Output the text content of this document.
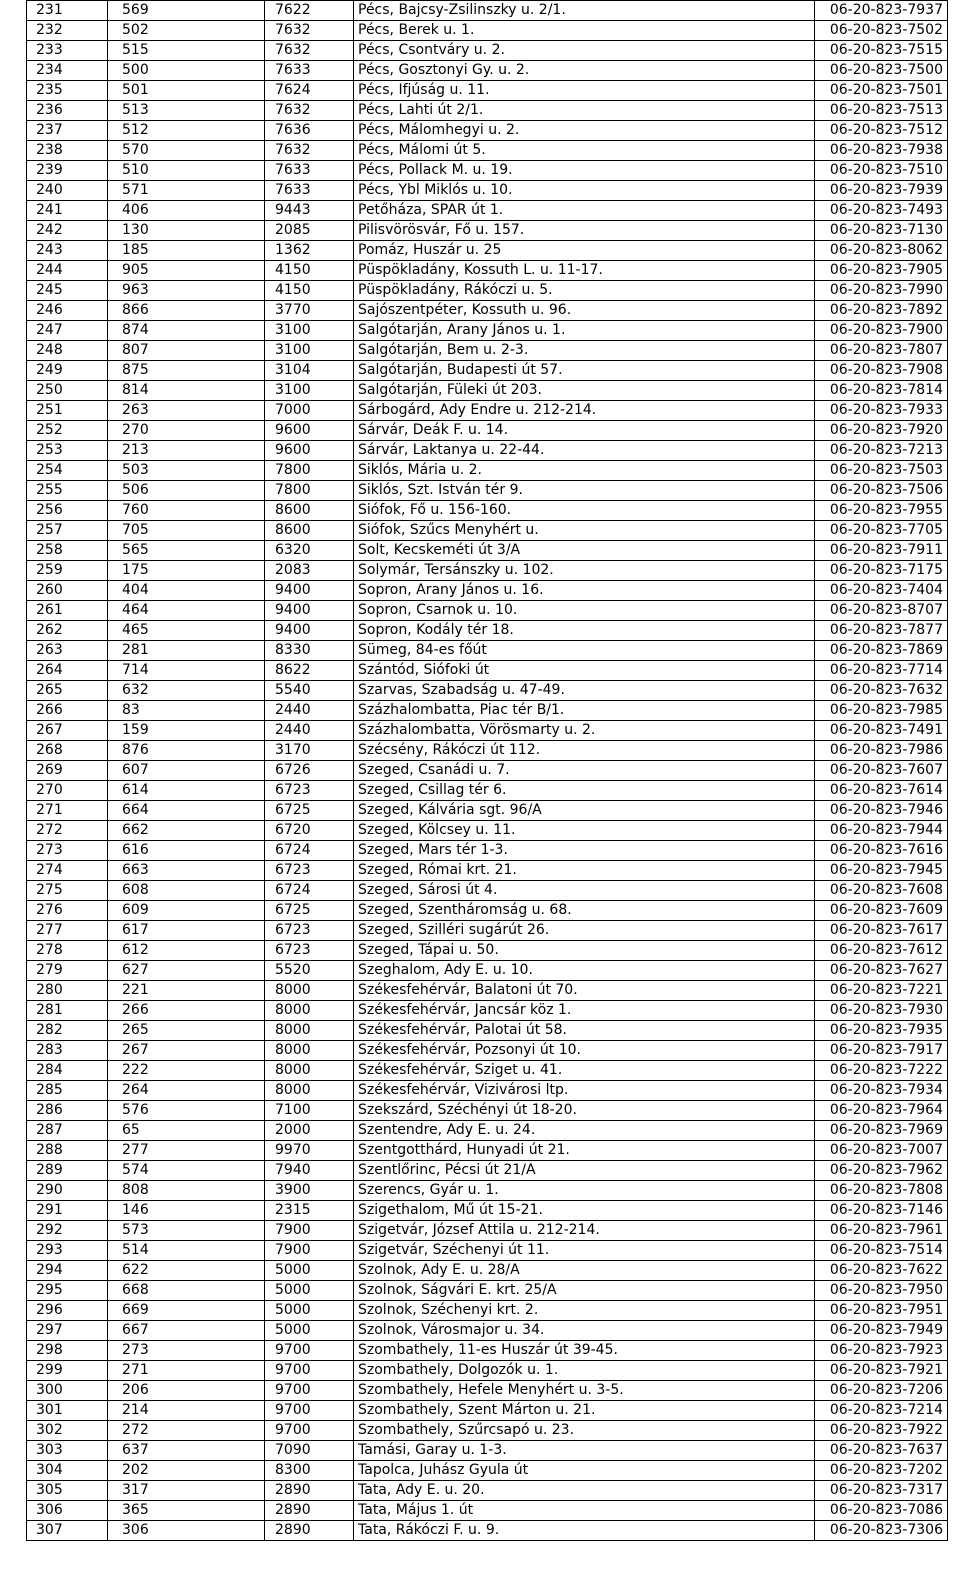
231	569	7622	Pécs, Bajcsy-Zsilinszky u. 2/1.	06-20-823-7937
232	502	7632	Pécs, Berek u. 1.	06-20-823-7502
233	515	7632	Pécs, Csontváry u. 2.	06-20-823-7515
234	500	7633	Pécs, Gosztonyi Gy. u. 2.	06-20-823-7500
235	501	7624	Pécs, Ifjúság u. 11.	06-20-823-7501
236	513	7632	Pécs, Lahti út 2/1.	06-20-823-7513
237	512	7636	Pécs, Málomhegyi u. 2.	06-20-823-7512
238	570	7632	Pécs, Málomi út 5.	06-20-823-7938
239	510	7633	Pécs, Pollack M. u. 19.	06-20-823-7510
240	571	7633	Pécs, Ybl Miklós u. 10.	06-20-823-7939
241	406	9443	Petőháza, SPAR út 1.	06-20-823-7493
242	130	2085	Pilisvörösvár, Fő u. 157.	06-20-823-7130
243	185	1362	Pomáz, Huszár u. 25	06-20-823-8062
244	905	4150	Püspökladány, Kossuth L. u. 11-17.	06-20-823-7905
245	963	4150	Püspökladány, Rákóczi u. 5.	06-20-823-7990
246	866	3770	Sajószentpéter, Kossuth u. 96.	06-20-823-7892
247	874	3100	Salgótarján, Arany János u. 1.	06-20-823-7900
248	807	3100	Salgótarján, Bem u. 2-3.	06-20-823-7807
249	875	3104	Salgótarján, Budapesti út 57.	06-20-823-7908
250	814	3100	Salgótarján, Füleki út 203.	06-20-823-7814
251	263	7000	Sárbogárd, Ady Endre u. 212-214.	06-20-823-7933
252	270	9600	Sárvár, Deák F. u. 14.	06-20-823-7920
253	213	9600	Sárvár, Laktanya u. 22-44.	06-20-823-7213
254	503	7800	Siklós, Mária u. 2.	06-20-823-7503
255	506	7800	Siklós, Szt. István tér 9.	06-20-823-7506
256	760	8600	Siófok, Fő u. 156-160.	06-20-823-7955
257	705	8600	Siófok, Szűcs Menyhért u.	06-20-823-7705
258	565	6320	Solt, Kecskeméti út 3/A	06-20-823-7911
259	175	2083	Solymár, Tersánszky u. 102.	06-20-823-7175
260	404	9400	Sopron, Arany János u. 16.	06-20-823-7404
261	464	9400	Sopron, Csarnok u. 10.	06-20-823-8707
262	465	9400	Sopron, Kodály tér 18.	06-20-823-7877
263	281	8330	Sümeg, 84-es főút	06-20-823-7869
264	714	8622	Szántód, Siófoki út	06-20-823-7714
265	632	5540	Szarvas, Szabadság u. 47-49.	06-20-823-7632
266	83	2440	Százhalombatta, Piac tér B/1.	06-20-823-7985
267	159	2440	Százhalombatta, Vörösmarty u. 2.	06-20-823-7491
268	876	3170	Szécsény, Rákóczi út 112.	06-20-823-7986
269	607	6726	Szeged, Csanádi u. 7.	06-20-823-7607
270	614	6723	Szeged, Csillag tér 6.	06-20-823-7614
271	664	6725	Szeged, Kálvária sgt. 96/A	06-20-823-7946
272	662	6720	Szeged, Kölcsey u. 11.	06-20-823-7944
273	616	6724	Szeged, Mars tér 1-3.	06-20-823-7616
274	663	6723	Szeged, Római krt. 21.	06-20-823-7945
275	608	6724	Szeged, Sárosi út 4.	06-20-823-7608
276	609	6725	Szeged, Szentháromság u. 68.	06-20-823-7609
277	617	6723	Szeged, Szilléri sugárút 26.	06-20-823-7617
278	612	6723	Szeged, Tápai u. 50.	06-20-823-7612
279	627	5520	Szeghalom, Ady E. u. 10.	06-20-823-7627
280	221	8000	Székesfehérvár, Balatoni út 70.	06-20-823-7221
281	266	8000	Székesfehérvár, Jancsár köz 1.	06-20-823-7930
282	265	8000	Székesfehérvár, Palotai út 58.	06-20-823-7935
283	267	8000	Székesfehérvár, Pozsonyi út 10.	06-20-823-7917
284	222	8000	Székesfehérvár, Sziget u. 41.	06-20-823-7222
285	264	8000	Székesfehérvár, Vizivárosi ltp.	06-20-823-7934
286	576	7100	Szekszárd, Széchényi út 18-20.	06-20-823-7964
287	65	2000	Szentendre, Ady E. u. 24.	06-20-823-7969
288	277	9970	Szentgotthárd, Hunyadi út 21.	06-20-823-7007
289	574	7940	Szentlőrinc, Pécsi út 21/A	06-20-823-7962
290	808	3900	Szerencs, Gyár u. 1.	06-20-823-7808
291	146	2315	Szigethalom, Mű út 15-21.	06-20-823-7146
292	573	7900	Szigetvár, József Attila u. 212-214.	06-20-823-7961
293	514	7900	Szigetvár, Széchenyi út 11.	06-20-823-7514
294	622	5000	Szolnok, Ady E. u. 28/A	06-20-823-7622
295	668	5000	Szolnok, Ságvári E. krt. 25/A	06-20-823-7950
296	669	5000	Szolnok, Széchenyi krt. 2.	06-20-823-7951
297	667	5000	Szolnok, Városmajor u. 34.	06-20-823-7949
298	273	9700	Szombathely, 11-es Huszár út 39-45.	06-20-823-7923
299	271	9700	Szombathely, Dolgozók u. 1.	06-20-823-7921
300	206	9700	Szombathely, Hefele Menyhért u. 3-5.	06-20-823-7206
301	214	9700	Szombathely, Szent Márton u. 21.	06-20-823-7214
302	272	9700	Szombathely, Szűrcsapó u. 23.	06-20-823-7922
303	637	7090	Tamási, Garay u. 1-3.	06-20-823-7637
304	202	8300	Tapolca, Juhász Gyula út	06-20-823-7202
305	317	2890	Tata, Ady E. u. 20.	06-20-823-7317
306	365	2890	Tata, Május 1. út	06-20-823-7086
307	306	2890	Tata, Rákóczi F. u. 9.	06-20-823-7306
